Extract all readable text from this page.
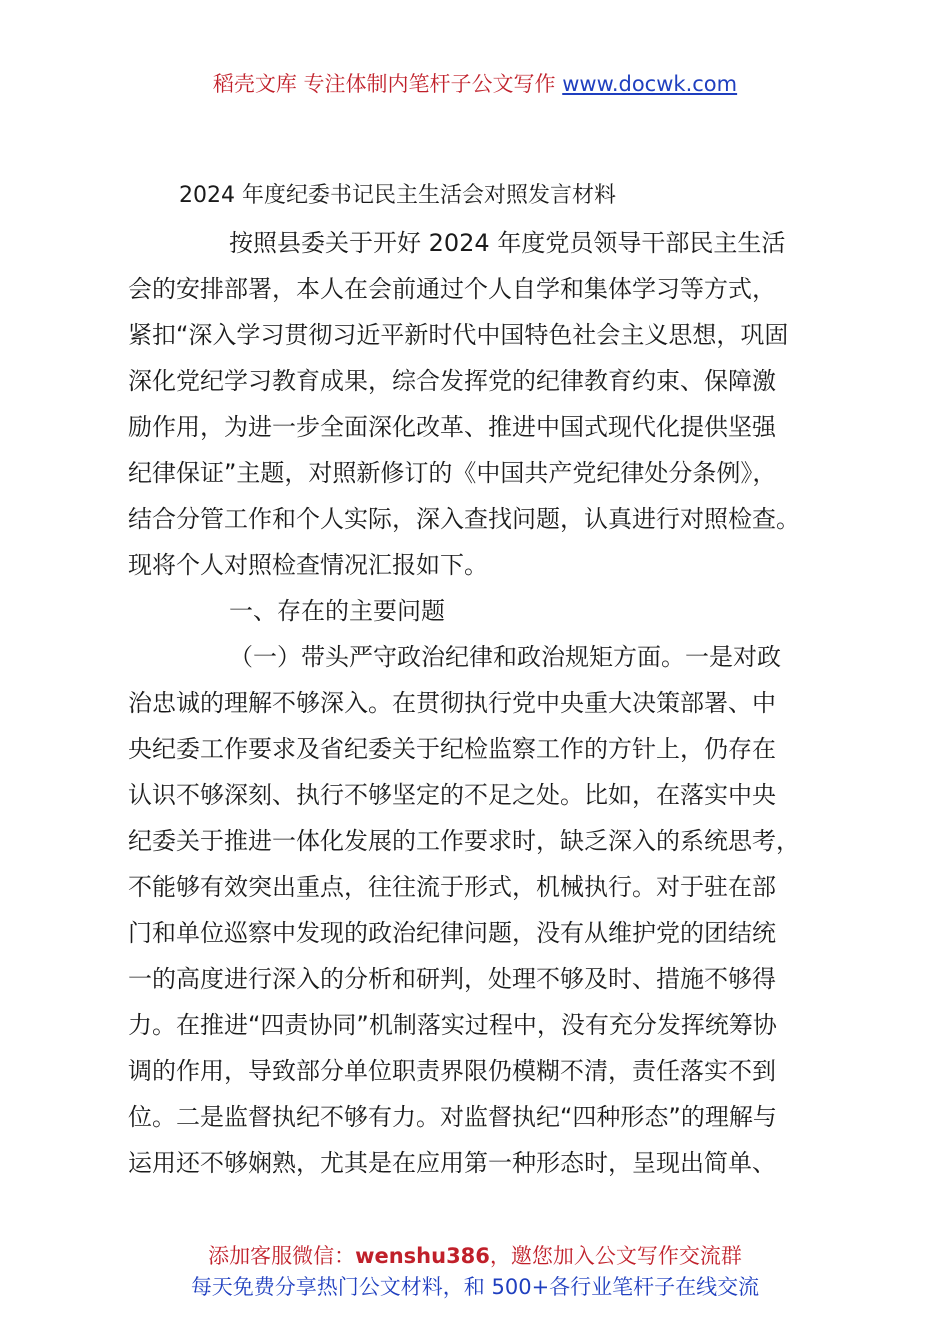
稻壳文库 专注体制内笔杆子公文写作 www.docwk.com
2024 年度纪委书记民主生活会对照发言材料
按照县委关于开好 2024 年度党员领导干部民主生活
会的安排部署，本人在会前通过个人自学和集体学习等方式，
紧扣“深入学习贯彻习近平新时代中国特色社会主义思想，巩固
深化党纪学习教育成果，综合发挥党的纪律教育约束、保障激
励作用，为进一步全面深化改革、推进中国式现代化提供坚强
纪律保证”主题，对照新修订的《中国共产党纪律处分条例》，
结合分管工作和个人实际，深入查找问题，认真进行对照检查。
现将个人对照检查情况汇报如下。
一、存在的主要问题
（一）带头严守政治纪律和政治规矩方面。一是对政
治忠诚的理解不够深入。在贯彻执行党中央重大决策部署、中
央纪委工作要求及省纪委关于纪检监察工作的方针上，仍存在
认识不够深刻、执行不够坚定的不足之处。比如，在落实中央
纪委关于推进一体化发展的工作要求时，缺乏深入的系统思考，
不能够有效突出重点，往往流于形式，机械执行。对于驻在部
门和单位巡察中发现的政治纪律问题，没有从维护党的团结统
一的高度进行深入的分析和研判，处理不够及时、措施不够得
力。在推进“四责协同”机制落实过程中，没有充分发挥统筹协
调的作用，导致部分单位职责界限仍模糊不清，责任落实不到
位。二是监督执纪不够有力。对监督执纪“四种形态”的理解与
运用还不够娴熟，尤其是在应用第一种形态时，呈现出简单、
添加客服微信：wenshu386，邀您加入公文写作交流群
每天免费分享热门公文材料，和 500+各行业笔杆子在线交流
